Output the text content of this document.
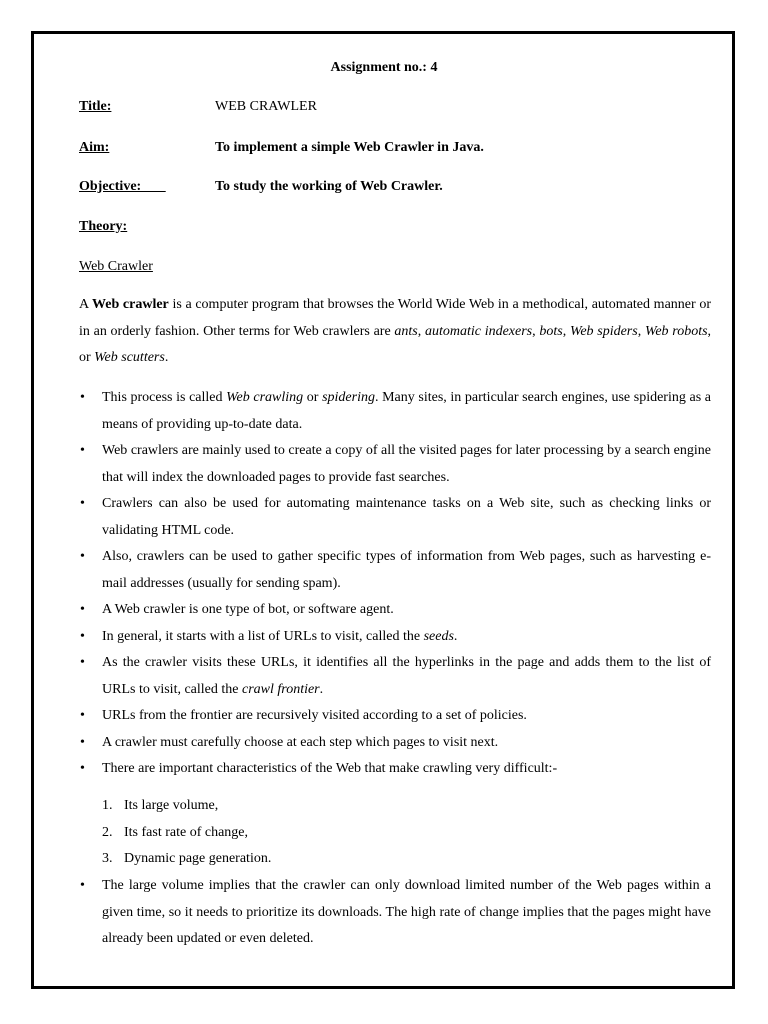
Assignment no.: 4
Title:	WEB CRAWLER
Aim:	To implement a simple Web Crawler in Java.
Objective:	To study the working of Web Crawler.
Theory:
Web Crawler
A Web crawler is a computer program that browses the World Wide Web in a methodical, automated manner or in an orderly fashion. Other terms for Web crawlers are ants, automatic indexers, bots, Web spiders, Web robots, or Web scutters.
• This process is called Web crawling or spidering. Many sites, in particular search engines, use spidering as a means of providing up-to-date data.
• Web crawlers are mainly used to create a copy of all the visited pages for later processing by a search engine that will index the downloaded pages to provide fast searches.
• Crawlers can also be used for automating maintenance tasks on a Web site, such as checking links or validating HTML code.
• Also, crawlers can be used to gather specific types of information from Web pages, such as harvesting e-mail addresses (usually for sending spam).
• A Web crawler is one type of bot, or software agent.
• In general, it starts with a list of URLs to visit, called the seeds.
• As the crawler visits these URLs, it identifies all the hyperlinks in the page and adds them to the list of URLs to visit, called the crawl frontier.
• URLs from the frontier are recursively visited according to a set of policies.
• A crawler must carefully choose at each step which pages to visit next.
• There are important characteristics of the Web that make crawling very difficult:-
1. Its large volume,
2. Its fast rate of change,
3. Dynamic page generation.
• The large volume implies that the crawler can only download limited number of the Web pages within a given time, so it needs to prioritize its downloads. The high rate of change implies that the pages might have already been updated or even deleted.
